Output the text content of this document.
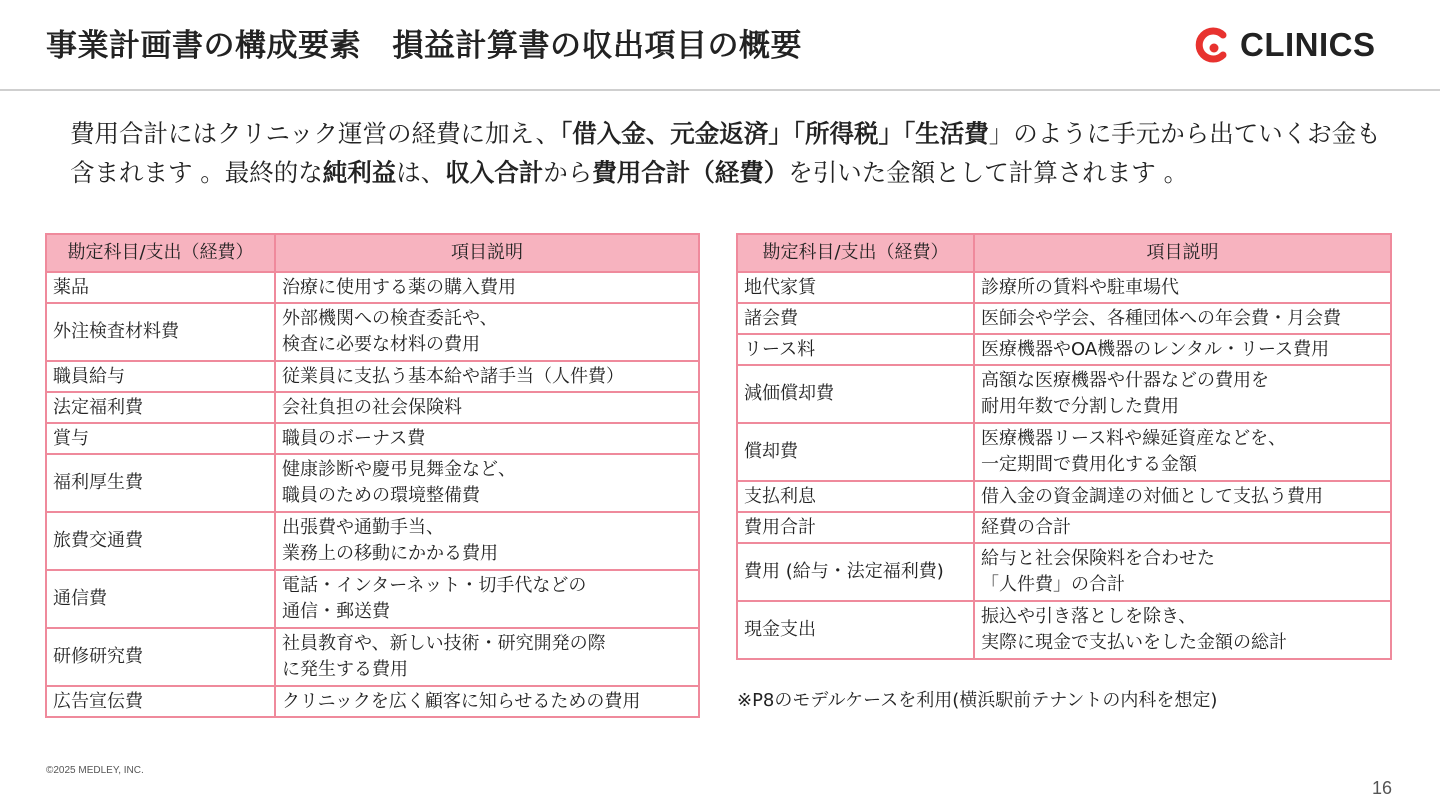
事業計画書の構成要素　損益計算書の収出項目の概要	CLINICS
費用合計にはクリニック運営の経費に加え、「借入金、元金返済」「所得税」「生活費」のように手元から出ていくお金も含まれます 。最終的な純利益は、収入合計から費用合計（経費）を引いた金額として計算されます 。
勘定科目/支出（経費）	項目説明
薬品	治療に使用する薬の購入費用

外注検査材料費	外部機関への検査委託や、
検査に必要な材料の費用

職員給与	従業員に支払う基本給や諸手当（人件費）

法定福利費	会社負担の社会保険料

賞与	職員のボーナス費

福利厚生費	健康診断や慶弔見舞金など、
職員のための環境整備費

旅費交通費	出張費や通勤手当、
業務上の移動にかかる費用

通信費	電話・インターネット・切手代などの
通信・郵送費

研修研究費	社員教育や、新しい技術・研究開発の際
に発生する費用

広告宣伝費	クリニックを広く顧客に知らせるための費用
勘定科目/支出（経費）	項目説明
地代家賃	診療所の賃料や駐車場代

諸会費	医師会や学会、各種団体への年会費・月会費

リース料	医療機器やOA機器のレンタル・リース費用

減価償却費	高額な医療機器や什器などの費用を
耐用年数で分割した費用

償却費	医療機器リース料や繰延資産などを、
一定期間で費用化する金額

支払利息	借入金の資金調達の対価として支払う費用

費用合計	経費の合計

費用 (給与・法定福利費)	給与と社会保険料を合わせた
「人件費」の合計

現金支出	振込や引き落としを除き、
実際に現金で支払いをした金額の総計
※P8のモデルケースを利用(横浜駅前テナントの内科を想定)
©2025 MEDLEY, INC.
16
